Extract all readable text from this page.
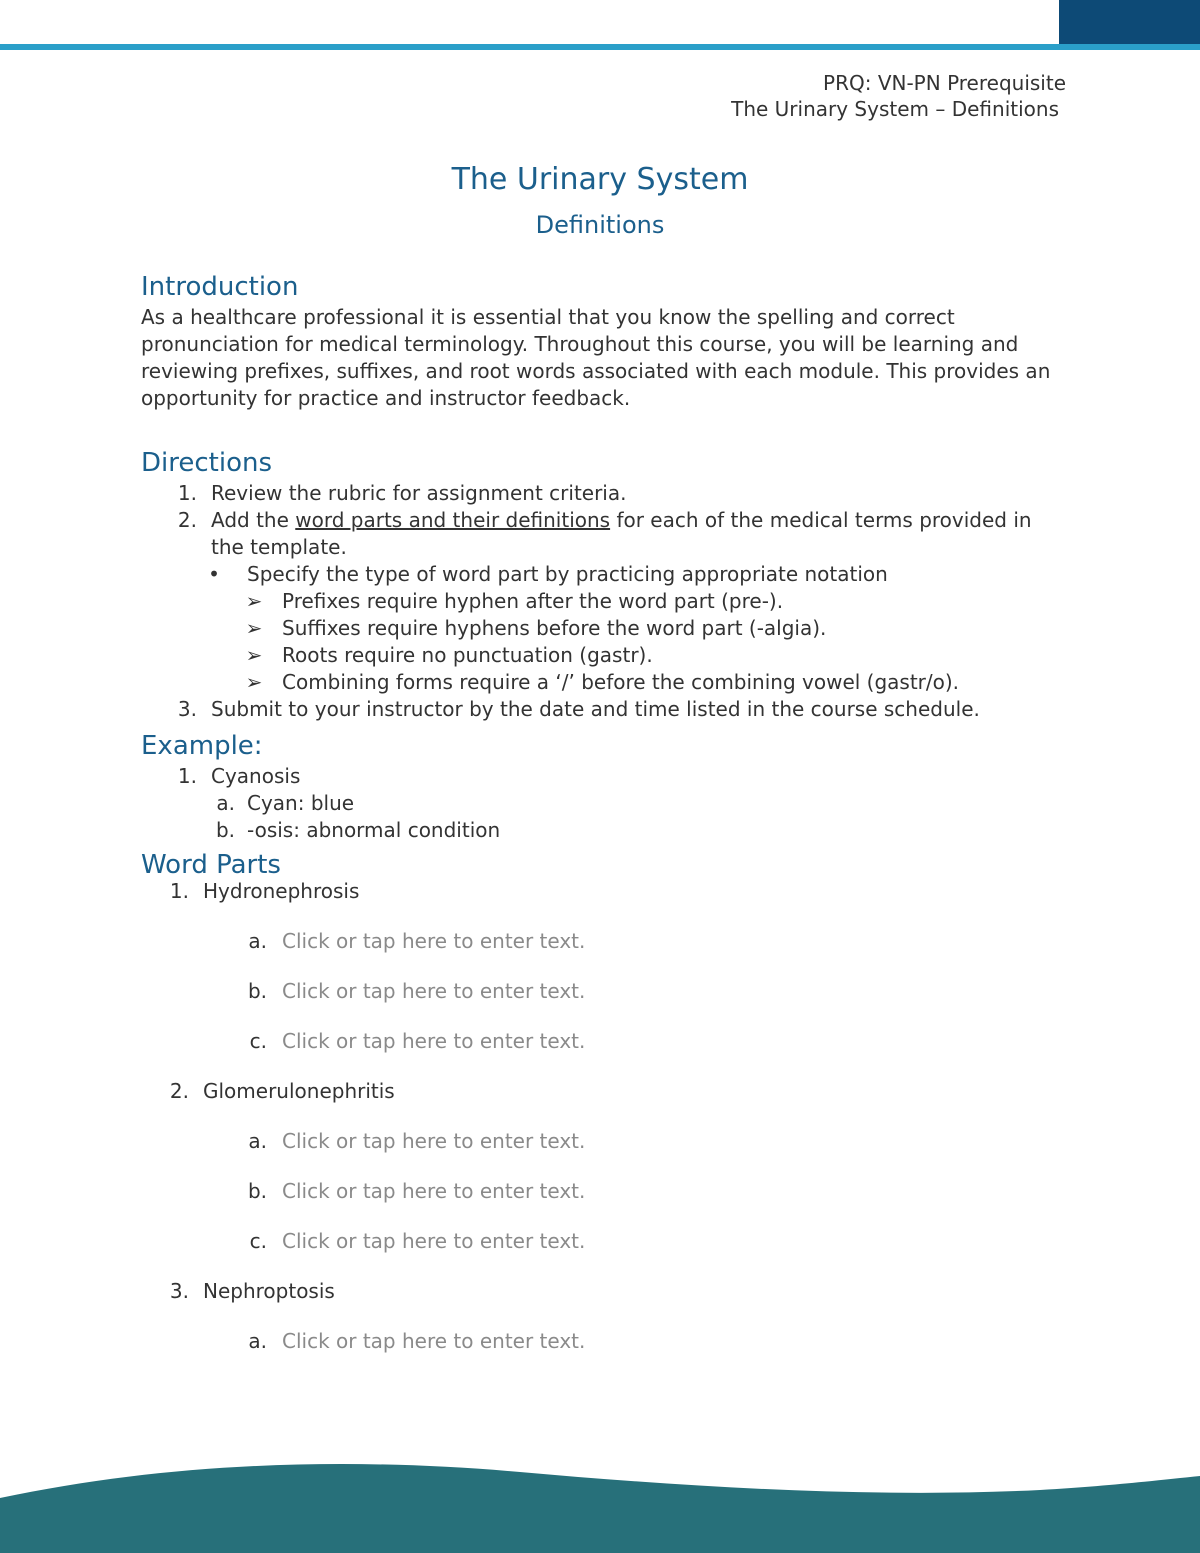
PRQ: VN-PN Prerequisite
The Urinary System – Definitions
The Urinary System
Definitions
Introduction

As a healthcare professional it is essential that you know the spelling and correct pronunciation for medical terminology. Throughout this course, you will be learning and reviewing prefixes, suffixes, and root words associated with each module. This provides an opportunity for practice and instructor feedback.

Directions
1. Review the rubric for assignment criteria.
2. Add the word parts and their definitions for each of the medical terms provided in the template.
•	Specify the type of word part by practicing appropriate notation
➢ Prefixes require hyphen after the word part (pre-).
➢ Suffixes require hyphens before the word part (-algia).
➢ Roots require no punctuation (gastr).
➢ Combining forms require a ‘/’ before the combining vowel (gastr/o).
3. Submit to your instructor by the date and time listed in the course schedule.
Example:
1. Cyanosis
a. Cyan: blue
b. -osis: abnormal condition
Word Parts
1. Hydronephrosis
a. Click or tap here to enter text.
b. Click or tap here to enter text.
c. Click or tap here to enter text.
2. Glomerulonephritis
a. Click or tap here to enter text.
b. Click or tap here to enter text.
c. Click or tap here to enter text.
3. Nephroptosis
a. Click or tap here to enter text.
